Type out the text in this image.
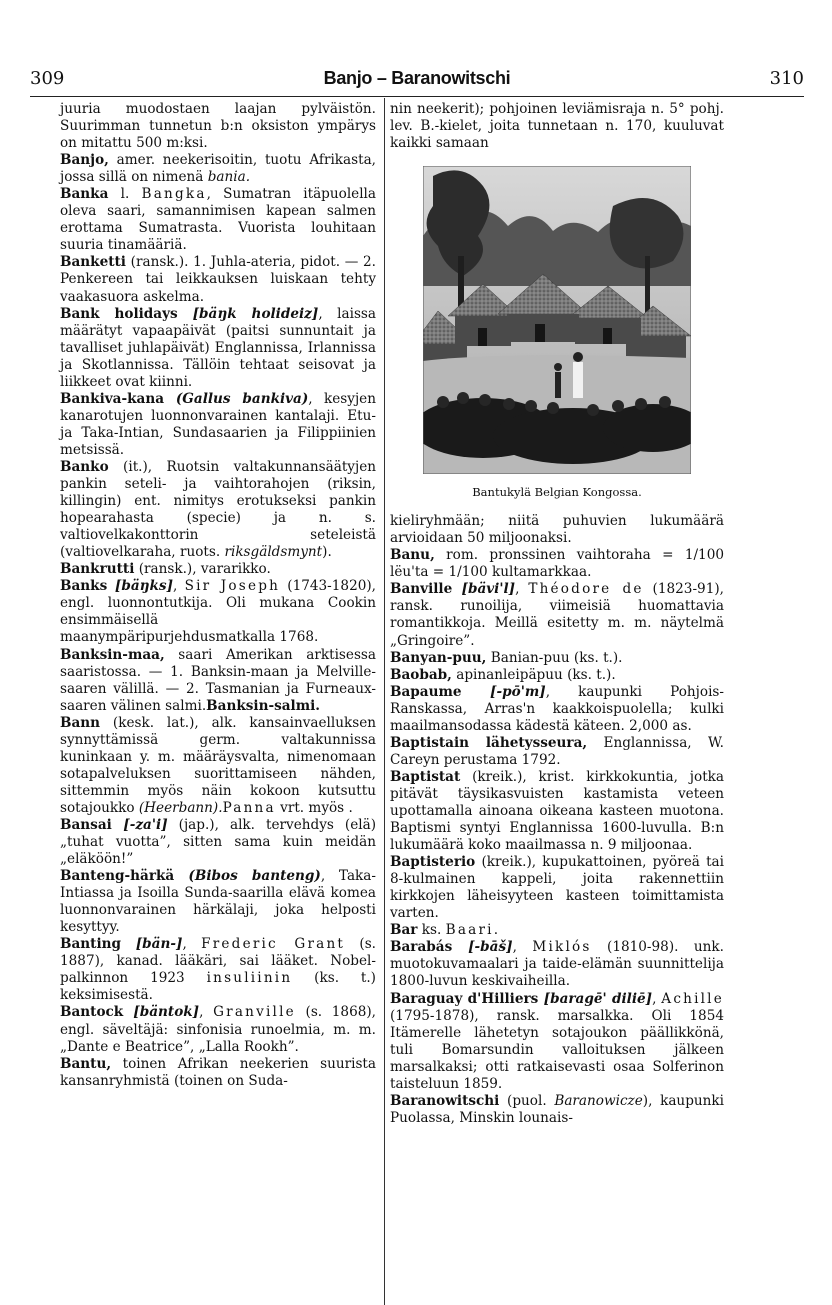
309	Banjo – Baranowitschi	310
juuria muodostaen laajan pylväistön. Suurimman tunnetun b:n oksiston ympärys on mitattu 500 m:ksi.
Banjo, amer. neekerisoitin, tuotu Afrikasta, jossa sillä on nimenä bania.
Banka l. Bangka, Sumatran itäpuolella oleva saari, samannimisen kapean salmen erottama Sumatrasta. Vuorista louhitaan suuria tinamääriä.
Banketti (ransk.). 1. Juhla-ateria, pidot. — 2. Penkereen tai leikkauksen luiskaan tehty vaakasuora askelma.
Bank holidays [bäŋk holideiz], laissa määrätyt vapaapäivät (paitsi sunnuntait ja tavalliset juhlapäivät) Englannissa, Irlannissa ja Skotlannissa. Tällöin tehtaat seisovat ja liikkeet ovat kiinni.
Bankiva-kana (Gallus bankiva), kesyjen kanarotujen luonnonvarainen kantalaji. Etu- ja Taka-Intian, Sundasaarien ja Filippiinien metsissä.
Banko (it.), Ruotsin valtakunnansäätyjen pankin seteli- ja vaihtorahojen (riksin, killingin) ent. nimitys erotukseksi pankin hopearahasta (specie) ja n. s. valtiovelkakonttorin seteleistä (valtiovelkaraha, ruots. riksgäldsmynt).
Bankrutti (ransk.), vararikko.
Banks [bäŋks], Sir Joseph (1743-1820), engl. luonnontutkija. Oli mukana Cookin ensimmäisellä maanympäripurjehdusmatkalla 1768.
Banksin-maa, saari Amerikan arktisessa saaristossa. — 1. Banksin-maan ja Melville-saaren välillä. — 2. Tasmanian ja Furneaux-saaren välinen salmi.Banksin-salmi.
Bann (kesk. lat.), alk. kansainvaelluksen synnyttämissä germ. valtakunnissa kuninkaan y. m. määräysvalta, nimenomaan sotapalveluksen suorittamiseen nähden, sittemmin myös näin kokoon kutsuttu sotajoukko (Heerbann).Panna vrt. myös .
Bansai [-za'i] (jap.), alk. tervehdys (elä) „tuhat vuotta”, sitten sama kuin meidän „eläköön!”
Banteng-härkä (Bibos banteng), Taka-Intiassa ja Isoilla Sunda-saarilla elävä komea luonnonvarainen härkälaji, joka helposti kesyttyy.
Banting [bän-], Frederic Grant (s. 1887), kanad. lääkäri, sai lääket. Nobel-palkinnon 1923 insuliinin (ks. t.) keksimisestä.
Bantock [bäntok], Granville (s. 1868), engl. säveltäjä: sinfonisia runoelmia, m. m. „Dante e Beatrice”, „Lalla Rookh”.
Bantu, toinen Afrikan neekerien suurista kansanryhmistä (toinen on Suda-
nin neekerit); pohjoinen leviämisraja n. 5° pohj. lev. B.-kielet, joita tunnetaan n. 170, kuuluvat kaikki samaan
Bantukylä Belgian Kongossa.
kieliryhmään; niitä puhuvien lukumäärä arvioidaan 50 miljoonaksi.
Banu, rom. pronssinen vaihtoraha = 1/100 lëu'ta = 1/100 kultamarkkaa.
Banville [bävi'l], Théodore de (1823-91), ransk. runoilija, viimeisiä huomattavia romantikkoja. Meillä esitetty m. m. näytelmä „Gringoire”.
Banyan-puu, Banian-puu (ks. t.).
Baobab, apinanleipäpuu (ks. t.).
Bapaume [-pō'm], kaupunki Pohjois-Ranskassa, Arras'n kaakkoispuolella; kulki maailmansodassa kädestä käteen. 2,000 as.
Baptistain lähetysseura, Englannissa, W. Careyn perustama 1792.
Baptistat (kreik.), krist. kirkkokuntia, jotka pitävät täysikasvuisten kastamista veteen upottamalla ainoana oikeana kasteen muotona. Baptismi syntyi Englannissa 1600-luvulla. B:n lukumäärä koko maailmassa n. 9 miljoonaa.
Baptisterio (kreik.), kupukattoinen, pyöreä tai 8-kulmainen kappeli, joita rakennettiin kirkkojen läheisyyteen kasteen toimittamista varten.
Bar ks. Baari.
Barabás [-bāš], Miklós (1810-98). unk. muotokuvamaalari ja taide-elämän suunnittelija 1800-luvun keskivaiheilla.
Baraguay d'Hilliers [baragē' diliē], Achille (1795-1878), ransk. marsalkka. Oli 1854 Itämerelle lähetetyn sotajoukon päällikkönä, tuli Bomarsundin valloituksen jälkeen marsalkaksi; otti ratkaisevasti osaa Solferinon taisteluun 1859.
Baranowitschi (puol. Baranowicze), kaupunki Puolassa, Minskin lounais-
